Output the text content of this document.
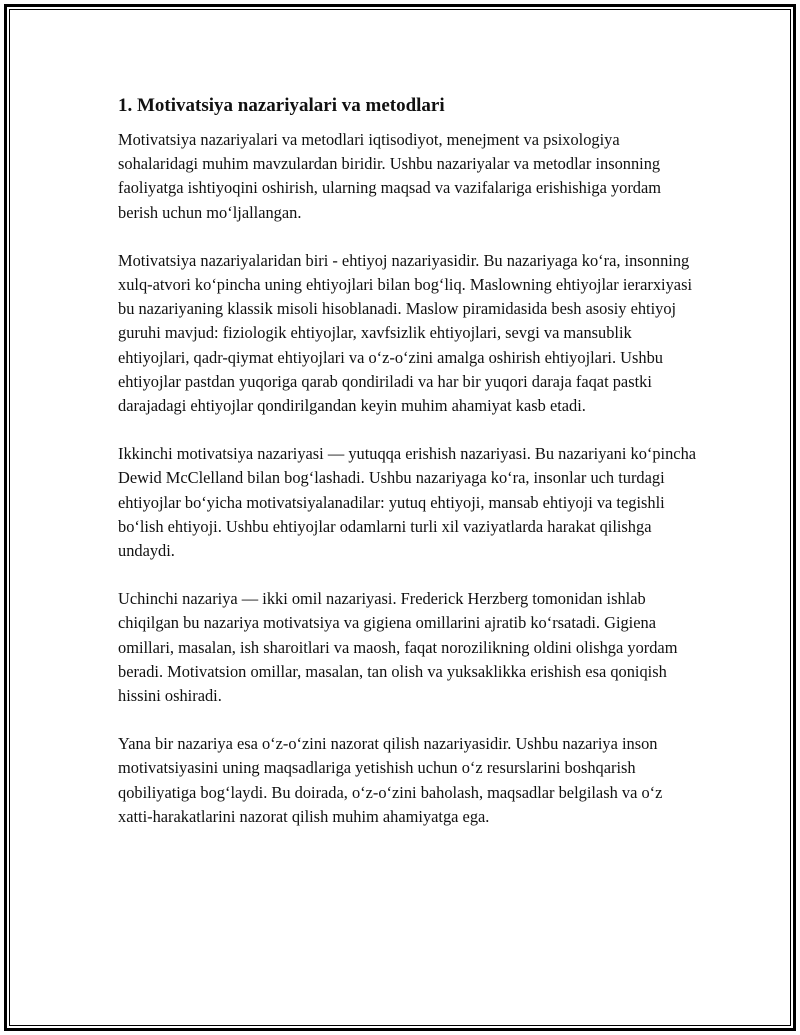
1. Motivatsiya nazariyalari va metodlari

Motivatsiya nazariyalari va metodlari iqtisodiyot, menejment va psixologiya sohalaridagi muhim mavzulardan biridir. Ushbu nazariyalar va metodlar insonning faoliyatga ishtiyoqini oshirish, ularning maqsad va vazifalariga erishishiga yordam berish uchun moʻljallangan.

Motivatsiya nazariyalaridan biri - ehtiyoj nazariyasidir. Bu nazariyaga koʻra, insonning xulq-atvori koʻpincha uning ehtiyojlari bilan bogʻliq. Maslowning ehtiyojlar ierarxiyasi bu nazariyaning klassik misoli hisoblanadi. Maslow piramidasida besh asosiy ehtiyoj guruhi mavjud: fiziologik ehtiyojlar, xavfsizlik ehtiyojlari, sevgi va mansublik ehtiyojlari, qadr-qiymat ehtiyojlari va oʻz-oʻzini amalga oshirish ehtiyojlari. Ushbu ehtiyojlar pastdan yuqoriga qarab qondiriladi va har bir yuqori daraja faqat pastki darajadagi ehtiyojlar qondirilgandan keyin muhim ahamiyat kasb etadi.

Ikkinchi motivatsiya nazariyasi — yutuqqa erishish nazariyasi. Bu nazariyani koʻpincha Dewid McClelland bilan bogʻlashadi. Ushbu nazariyaga koʻra, insonlar uch turdagi ehtiyojlar boʻyicha motivatsiyalanadilar: yutuq ehtiyoji, mansab ehtiyoji va tegishli boʻlish ehtiyoji. Ushbu ehtiyojlar odamlarni turli xil vaziyatlarda harakat qilishga undaydi.

Uchinchi nazariya — ikki omil nazariyasi. Frederick Herzberg tomonidan ishlab chiqilgan bu nazariya motivatsiya va gigiena omillarini ajratib koʻrsatadi. Gigiena omillari, masalan, ish sharoitlari va maosh, faqat norozilikning oldini olishga yordam beradi. Motivatsion omillar, masalan, tan olish va yuksaklikka erishish esa qoniqish hissini oshiradi.

Yana bir nazariya esa oʻz-oʻzini nazorat qilish nazariyasidir. Ushbu nazariya inson motivatsiyasini uning maqsadlariga yetishish uchun oʻz resurslarini boshqarish qobiliyatiga bogʻlaydi. Bu doirada, oʻz-oʻzini baholash, maqsadlar belgilash va oʻz xatti-harakatlarini nazorat qilish muhim ahamiyatga ega.
